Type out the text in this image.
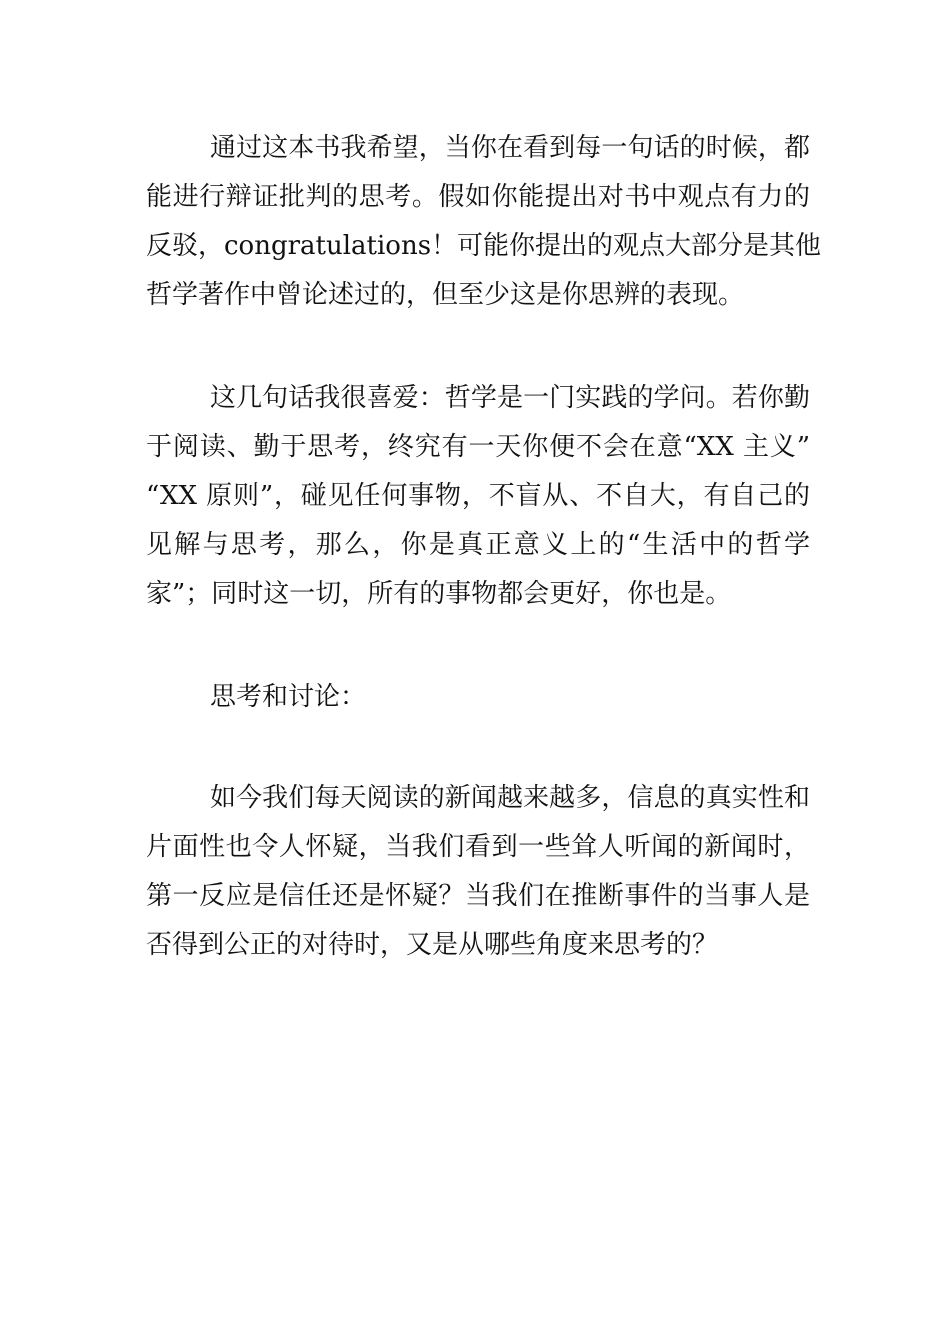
通过这本书我希望，当你在看到每一句话的时候，都
能进行辩证批判的思考。假如你能提出对书中观点有力的
反驳，congratulations！可能你提出的观点大部分是其他
哲学著作中曾论述过的，但至少这是你思辨的表现。
这几句话我很喜爱：哲学是一门实践的学问。若你勤
于阅读、勤于思考，终究有一天你便不会在意“XX 主义”
“XX 原则”，碰见任何事物，不盲从、不自大，有自己的
见解与思考，那么，你是真正意义上的“生活中的哲学
家”；同时这一切，所有的事物都会更好，你也是。
思考和讨论：
如今我们每天阅读的新闻越来越多，信息的真实性和
片面性也令人怀疑，当我们看到一些耸人听闻的新闻时，
第一反应是信任还是怀疑？当我们在推断事件的当事人是
否得到公正的对待时，又是从哪些角度来思考的？
